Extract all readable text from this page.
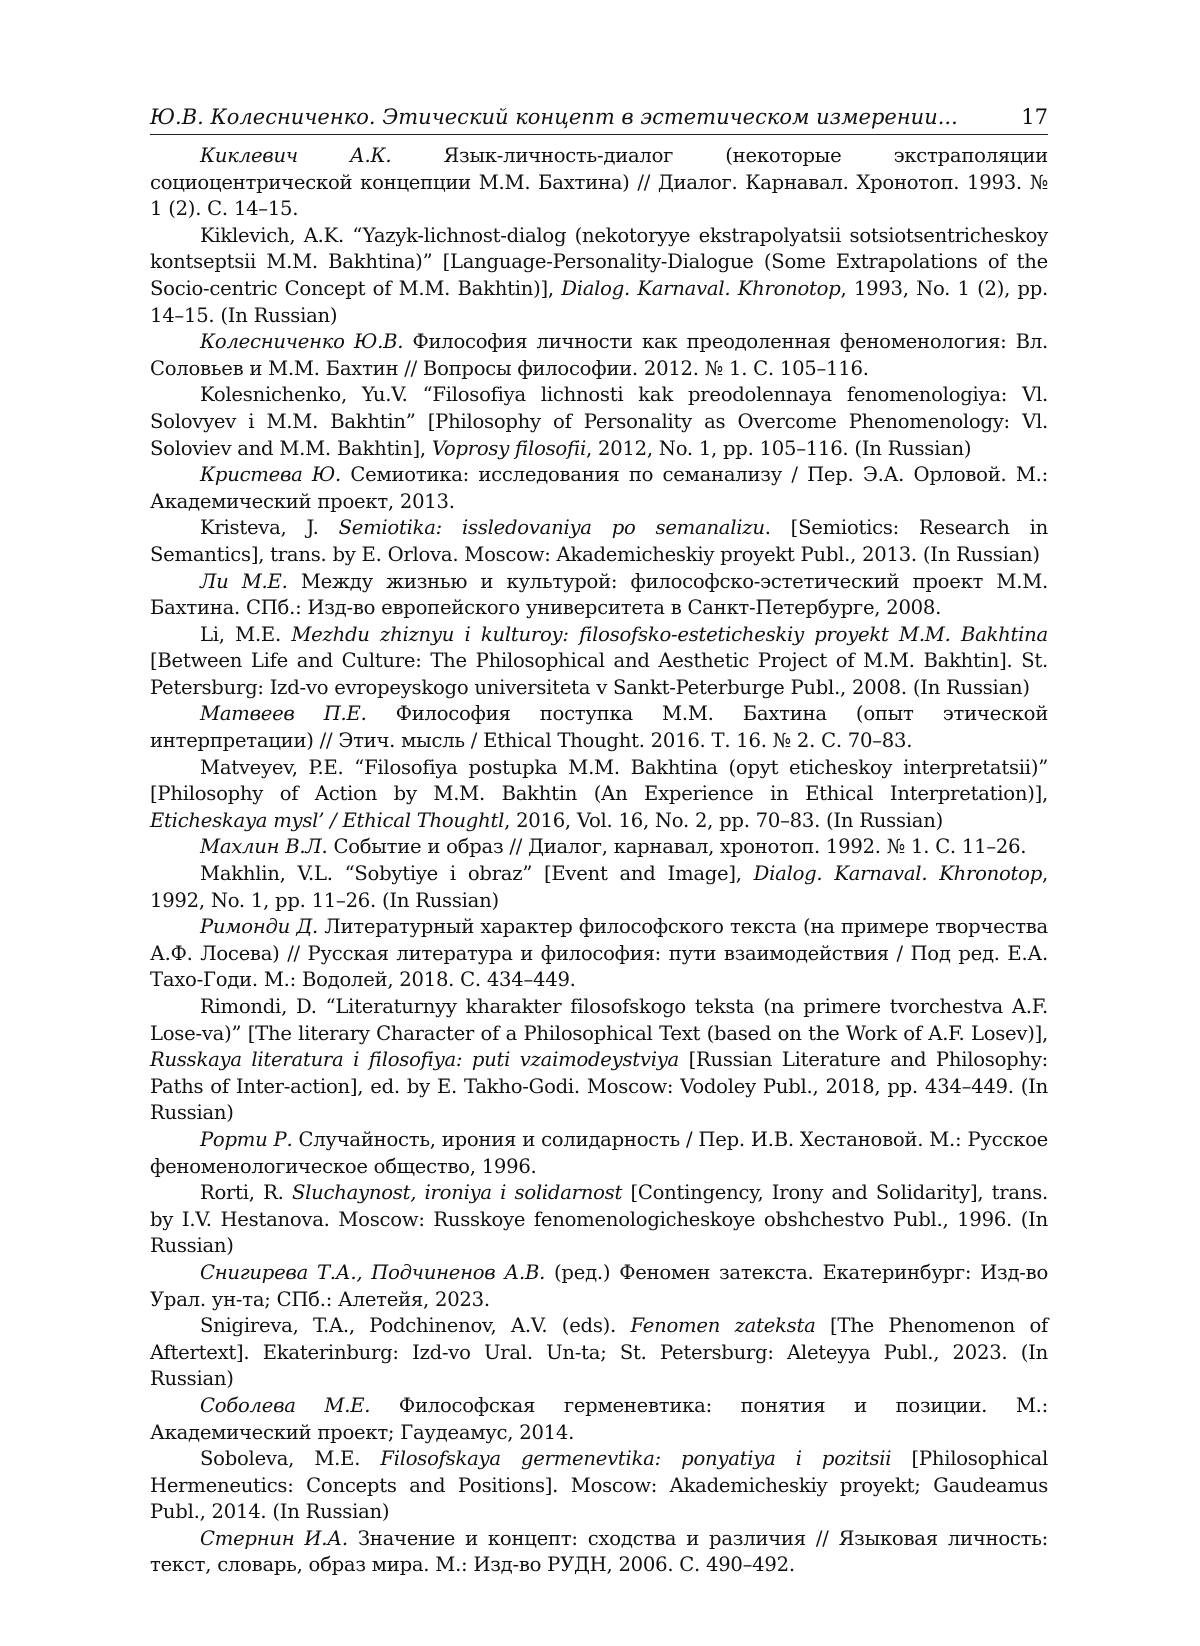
Ю.В. Колесниченко. Этический концепт в эстетическом измерении...	17

Киклевич А.К. Язык-личность-диалог (некоторые экстраполяции социоцентрической концепции М.М. Бахтина) // Диалог. Карнавал. Хронотоп. 1993. № 1 (2). С. 14–15.

Kiklevich, A.K. “Yazyk-lichnost-dialog (nekotoryye ekstrapolyatsii sotsiotsentricheskoy kontseptsii M.M. Bakhtina)” [Language-Personality-Dialogue (Some Extrapolations of the Socio-centric Concept of M.M. Bakhtin)], Dialog. Karnaval. Khronotop, 1993, No. 1 (2), pp. 14–15. (In Russian)

Колесниченко Ю.В. Философия личности как преодоленная феноменология: Вл. Соловьев и М.М. Бахтин // Вопросы философии. 2012. № 1. С. 105–116.

Kolesnichenko, Yu.V. “Filosofiya lichnosti kak preodolennaya fenomenologiya: Vl. Solovyev i M.M. Bakhtin” [Philosophy of Personality as Overcome Phenomenology: Vl. Soloviev and M.M. Bakhtin], Voprosy filosofii, 2012, No. 1, pp. 105–116. (In Russian)

Кристева Ю. Семиотика: исследования по семанализу / Пер. Э.А. Орловой. М.: Академический проект, 2013.

Kristeva, J. Semiotika: issledovaniya po semanalizu. [Semiotics: Research in Semantics], trans. by E. Orlova. Moscow: Akademicheskiy proyekt Publ., 2013. (In Russian)

Ли М.Е. Между жизнью и культурой: философско-эстетический проект М.М. Бахтина. СПб.: Изд-во европейского университета в Санкт-Петербурге, 2008.

Li, M.E. Mezhdu zhiznyu i kulturoy: filosofsko-esteticheskiy proyekt M.M. Bakhtina [Between Life and Culture: The Philosophical and Aesthetic Project of M.M. Bakhtin]. St. Petersburg: Izd-vo evropeyskogo universiteta v Sankt-Peterburge Publ., 2008. (In Russian)

Матвеев П.Е. Философия поступка М.М. Бахтина (опыт этической интерпретации) // Этич. мысль / Ethical Thought. 2016. Т. 16. № 2. С. 70–83.

Matveyev, P.E. “Filosofiya postupka M.M. Bakhtina (opyt eticheskoy interpretatsii)” [Philosophy of Action by M.M. Bakhtin (An Experience in Ethical Interpretation)], Eticheskaya mysl’ / Ethical Thoughtl, 2016, Vol. 16, No. 2, pp. 70–83. (In Russian)

Махлин В.Л. Событие и образ // Диалог, карнавал, хронотоп. 1992. № 1. С. 11–26.

Makhlin, V.L. “Sobytiye i obraz” [Event and Image], Dialog. Karnaval. Khronotop, 1992, No. 1, pp. 11–26. (In Russian)

Римонди Д. Литературный характер философского текста (на примере творчества А.Ф. Лосева) // Русская литература и философия: пути взаимодействия / Под ред. Е.А. Тахо-Годи. М.: Водолей, 2018. С. 434–449.

Rimondi, D. “Literaturnyy kharakter filosofskogo teksta (na primere tvorchestva A.F. Losе-va)” [The literary Character of a Philosophical Text (based on the Work of A.F. Losev)], Russkaya literatura i filosofiya: puti vzaimodeystviya [Russian Literature and Philosophy: Paths of Inter-action], ed. by E. Takho-Godi. Moscow: Vodoley Publ., 2018, pp. 434–449. (In Russian)

Рорти Р. Случайность, ирония и солидарность / Пер. И.В. Хестановой. М.: Русское феноменологическое общество, 1996.

Rorti, R. Sluchaynost, ironiya i solidarnost [Contingency, Irony and Solidarity], trans. by I.V. Hestanova. Moscow: Russkoye fenomenologicheskoye obshchestvo Publ., 1996. (In Russian)

Снигирева Т.А., Подчиненов А.В. (ред.) Феномен затекста. Екатеринбург: Изд-во Урал. ун-та; СПб.: Алетейя, 2023.

Snigireva, T.A., Podchinenov, A.V. (eds). Fenomen zateksta [The Phenomenon of Aftertext]. Ekaterinburg: Izd-vo Ural. Un-ta; St. Petersburg: Aleteyya Publ., 2023. (In Russian)

Соболева М.Е. Философская герменевтика: понятия и позиции. М.: Академический проект; Гаудеамус, 2014.

Soboleva, M.E. Filosofskaya germenevtika: ponyatiya i pozitsii [Philosophical Hermeneutics: Concepts and Positions]. Moscow: Akademicheskiy proyekt; Gaudeamus Publ., 2014. (In Russian)

Стернин И.А. Значение и концепт: сходства и различия // Языковая личность: текст, словарь, образ мира. М.: Изд-во РУДН, 2006. С. 490–492.
